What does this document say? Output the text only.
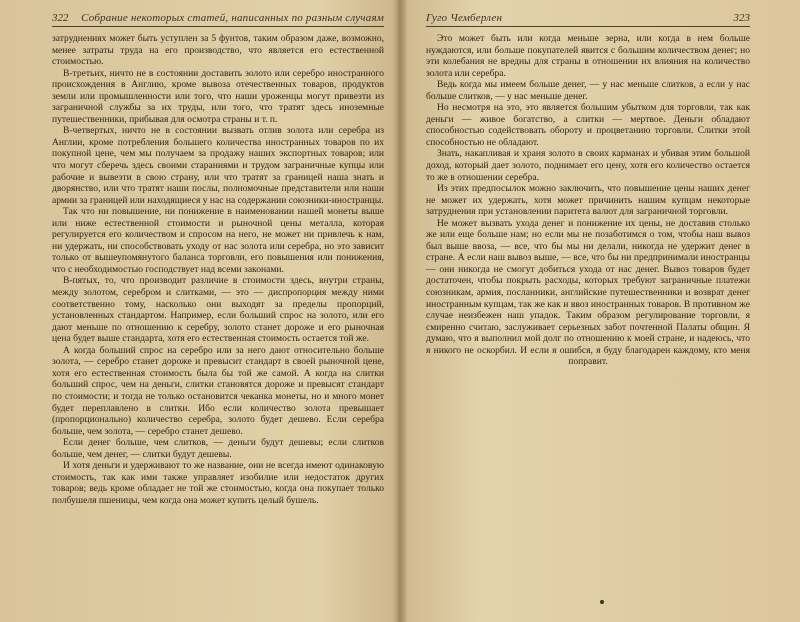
322 Собрание некоторых статей, написанных по разным случаям

затруднениях может быть уступлен за 5 фунтов, таким образом даже, возможно, менее затраты труда на его производство, что является его естественной стоимостью.

В-третьих, ничто не в состоянии доставить золото или серебро иностранного происхождения в Англию, кроме вывоза отечественных товаров, продуктов земли или промышленности или того, что наши уроженцы могут привезти из заграничной службы за их труды, или того, что тратят здесь иноземные путешественники, прибывая для осмотра страны и т. п.

В-четвертых, ничто не в состоянии вызвать отлив золота или серебра из Англии, кроме потребления большего количества иностранных товаров по их покупной цене, чем мы получаем за продажу наших экспортных товаров; или что могут сберечь здесь своими стараниями и трудом заграничные купцы или рабочие и вывезти в свою страну, или что тратят за границей наша знать и дворянство, или что тратят наши послы, полномочные представители или наши армии за границей или находящиеся у нас на содержании союзники-иностранцы.

Так что ни повышение, ни понижение в наименовании нашей монеты выше или ниже естественной стоимости и рыночной цены металла, которая регулируется его количеством и спросом на него, не может ни привлечь к нам, ни удержать, ни способствовать уходу от нас золота или серебра, но это зависит только от вышеупомянутого баланса торговли, его повышения или понижения, что с необходимостью господствует над всеми законами.

В-пятых, то, что производит различие в стоимости здесь, внутри страны, между золотом, серебром и слитками, — это — диспропорция между ними соответственно тому, насколько они выходят за пределы пропорций, установленных стандартом. Например, если больший спрос на золото, или его дают меньше по отношению к серебру, золото станет дороже и его рыночная цена будет выше стандарта, хотя его естественная стоимость остается той же.

А когда больший спрос на серебро или за него дают относительно больше золота, — серебро станет дороже и превысит стандарт в своей рыночной цене, хотя его естественная стоимость была бы той же самой. А когда на слитки больший спрос, чем на деньги, слитки становятся дороже и превысят стандарт по стоимости; и тогда не только остановится чеканка монеты, но и много монет будет переплавлено в слитки. Ибо если количество золота превышает (пропорционально) количество серебра, золото будет дешево. Если серебра больше, чем золота, — серебро станет дешево.

Если денег больше, чем слитков, — деньги будут дешевы; если слитков больше, чем денег, — слитки будут дешевы.

И хотя деньги и удерживают то же название, они не всегда имеют одинаковую стоимость, так как ими также управляет изобилие или недостаток других товаров; ведь кроме обладает не той же стоимостью, когда она покупает только полбушеля пшеницы, чем когда она может купить целый бушель.

Гуго Чемберлен	323

Это может быть или когда меньше зерна, или когда в нем больше нуждаются, или больше покупателей явится с большим количеством денег; но эти колебания не вредны для страны в отношении их влияния на количество золота или серебра.

Ведь когда мы имеем больше денег, — у нас меньше слитков, а если у нас больше слитков, — у нас меньше денег.

Но несмотря на это, это является большим убытком для торговли, так как деньги — живое богатство, а слитки — мертвое. Деньги обладают способностью содействовать обороту и процветанию торговли. Слитки этой способностью не обладают.

Знать, накапливая и храня золото в своих карманах и убивая этим большой доход, который дает золото, поднимает его цену, хотя его количество остается то же в отношении серебра.

Из этих предпосылок можно заключить, что повышение цены наших денег не может их удержать, хотя может причинить нашим купцам некоторые затруднения при установлении паритета валют для заграничной торговли.

Не может вызвать ухода денег и понижение их цены, не доставив столько же или еще больше нам; но если мы не позаботимся о том, чтобы наш вывоз был выше ввоза, — все, что бы мы ни делали, никогда не удержит денег в стране. А если наш вывоз выше, — все, что бы ни предпринимали иностранцы — они никогда не смогут добиться ухода от нас денег. Вывоз товаров будет достаточен, чтобы покрыть расходы, которых требуют заграничные платежи союзникам, армия, посланники, английские путешественники и возврат денег иностранным купцам, так же как и ввоз иностранных товаров. В противном же случае неизбежен наш упадок. Таким образом регулирование торговли, я смиренно считаю, заслуживает серьезных забот почтенной Палаты общин. Я думаю, что я выполнил мой долг по отношению к моей стране, и надеюсь, что я никого не оскорбил. И если я ошибся, я буду благодарен каждому, кто меня поправит.
